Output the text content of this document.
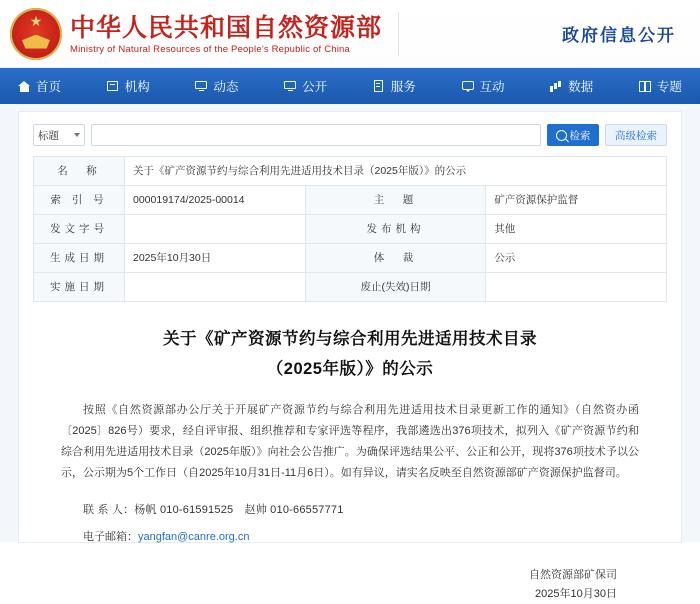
★
中华人民共和国自然资源部
Ministry of Natural Resources of the People's Republic of China
政府信息公开
首页	机构	动态	公开	服务	互动	数据	专题
标题	检索 高级检索
名　称	关于《矿产资源节约与综合利用先进适用技术目录（2025年版）》的公示		
索 引 号	000019174/2025-00014	主　题	矿产资源保护监督
发文字号		发布机构	其他
生成日期	2025年10月30日	体　裁	公示
实施日期		废止(失效)日期	
关于《矿产资源节约与综合利用先进适用技术目录
（2025年版）》的公示
按照《自然资源部办公厅关于开展矿产资源节约与综合利用先进适用技术目录更新工作的通知》（自然资办函〔2025〕826号）要求，经自评审报、组织推荐和专家评选等程序，我部遴选出376项技术，拟列入《矿产资源节约和综合利用先进适用技术目录（2025年版）》向社会公告推广。为确保评选结果公平、公正和公开，现将376项技术予以公示，公示期为5个工作日（自2025年10月31日-11月6日）。如有异议，请实名反映至自然资源部矿产资源保护监督司。
联 系 人：杨帆 010-61591525　赵帅 010-66557771
电子邮箱：yangfan@canre.org.cn
自然资源部矿保司
2025年10月30日
